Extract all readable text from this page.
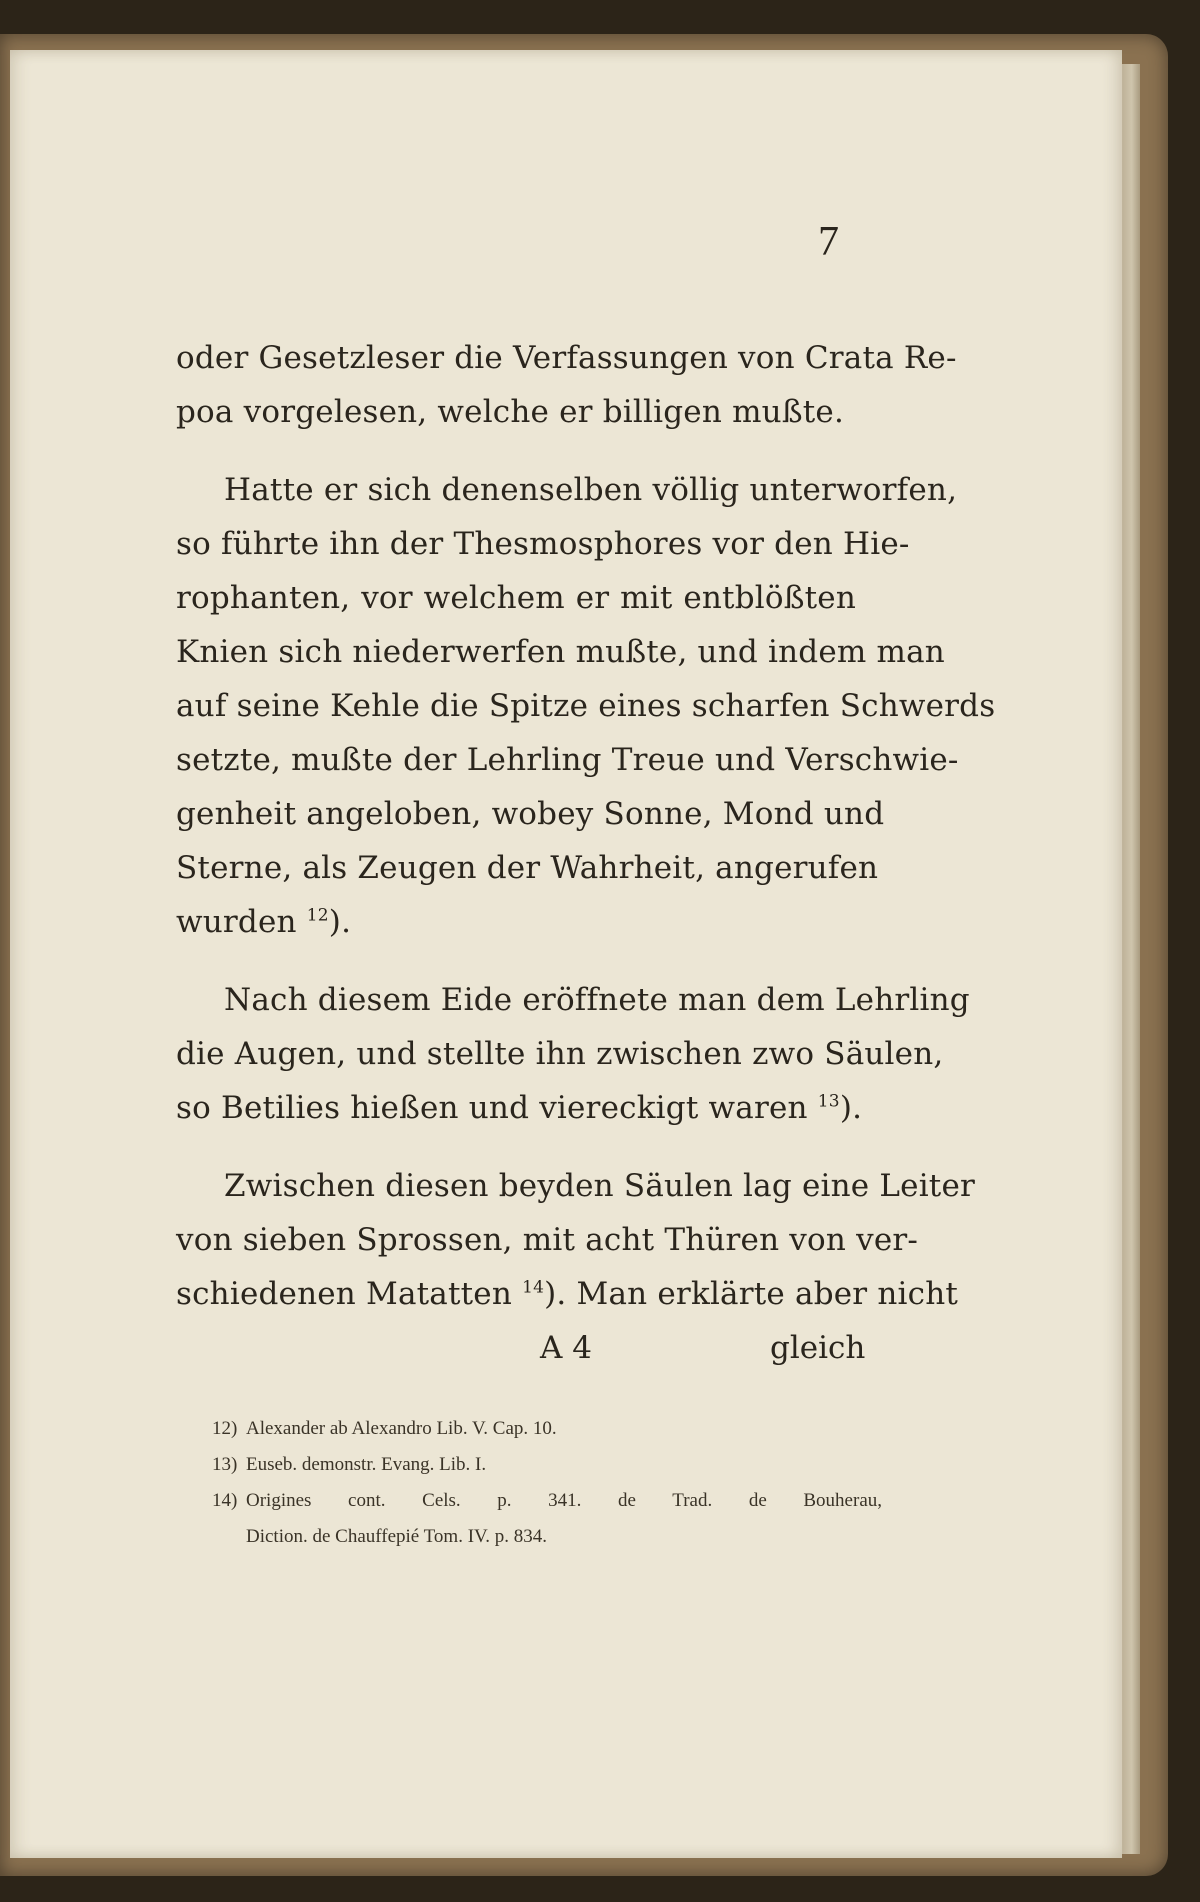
7
oder Gesetzleser die Verfassungen von Crata Re-
poa vorgelesen, welche er billigen mußte.
Hatte er sich denenselben völlig unterworfen,
so führte ihn der Thesmosphores vor den Hie-
rophanten, vor welchem er mit entblößten
Knien sich niederwerfen mußte, und indem man
auf seine Kehle die Spitze eines scharfen Schwerds
setzte, mußte der Lehrling Treue und Verschwie-
genheit angeloben, wobey Sonne, Mond und
Sterne, als Zeugen der Wahrheit, angerufen
wurden $^{12}$).
Nach diesem Eide eröffnete man dem Lehrling
die Augen, und stellte ihn zwischen zwo Säulen,
so Betilies hießen und viereckigt waren $^{13}$).
Zwischen diesen beyden Säulen lag eine Leiter
von sieben Sprossen, mit acht Thüren von ver-
schiedenen Matatten $^{14}$). Man erklärte aber nicht
A 4	gleich
12) Alexander ab Alexandro Lib. V. Cap. 10.
13) Euseb. demonstr. Evang. Lib. I.
14) Origines cont. Cels. p. 341. de Trad. de Bouherau,
Diction. de Chauffepié Tom. IV. p. 834.
